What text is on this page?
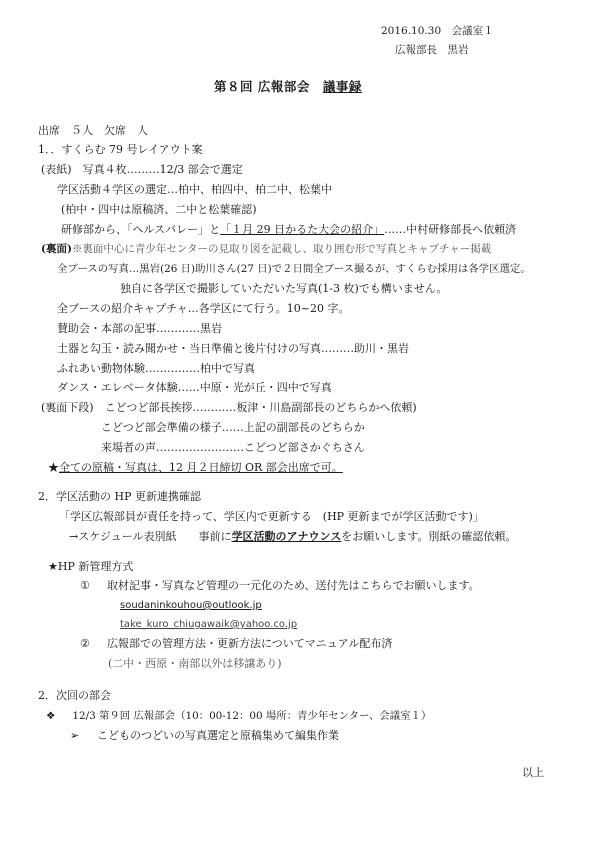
2016.10.30　会議室１
広報部長　黒岩
第８回 広報部会　議事録
出席　５人　欠席　人
1．．すくらむ 79 号レイアウト案
(表紙)　写真４枚………12/3 部会で選定
学区活動４学区の選定…柏中、柏四中、柏二中、松葉中
(柏中・四中は原稿済、二中と松葉確認)
研修部から、「ヘルスパレー」と「１月 29 日かるた大会の紹介」……中村研修部長へ依頼済
(裏面)※裏面中心に青少年センターの見取り図を記載し、取り囲む形で写真とキャプチャー掲載
全ブースの写真…黒岩(26 日)助川さん(27 日)で２日間全ブース撮るが、すくらむ採用は各学区選定。
独自に各学区で撮影していただいた写真(1-3 枚)でも構いません。
全ブースの紹介キャプチャ…各学区にて行う。10~20 字。
賛助会・本部の記事…………黒岩
土器と勾玉・読み聞かせ・当日準備と後片付けの写真………助川・黒岩
ふれあい動物体験……………柏中で写真
ダンス・エレベータ体験……中原・光が丘・四中で写真
(裏面下段)　 こどつど部長挨拶…………板津・川島副部長のどちらかへ依頼)
こどつど部会準備の様子……上記の副部長のどちらか
来場者の声……………………こどつど部さかぐちさん
★全ての原稿・写真は、12 月２日締切 OR 部会出席で可。
2．学区活動の HP 更新連携確認
「学区広報部員が責任を持って、学区内で更新する　(HP 更新までが学区活動です)」
→スケジュール表別紙　　事前に学区活動のアナウンスをお願いします。別紙の確認依頼。
★HP 新管理方式
①　 取材記事・写真など管理の一元化のため、送付先はこちらでお願いします。
soudaninkouhou@outlook.jp
take_kuro_chiugawaik@yahoo.co.jp
②　 広報部での管理方法・更新方法についてマニュアル配布済
(二中・西原・南部以外は移譲あり)
2．次回の部会
❖　 12/3 第９回 広報部会（10：00-12：00 場所：青少年センター、会議室１）
➢　 こどものつどいの写真選定と原稿集めて編集作業
以上
